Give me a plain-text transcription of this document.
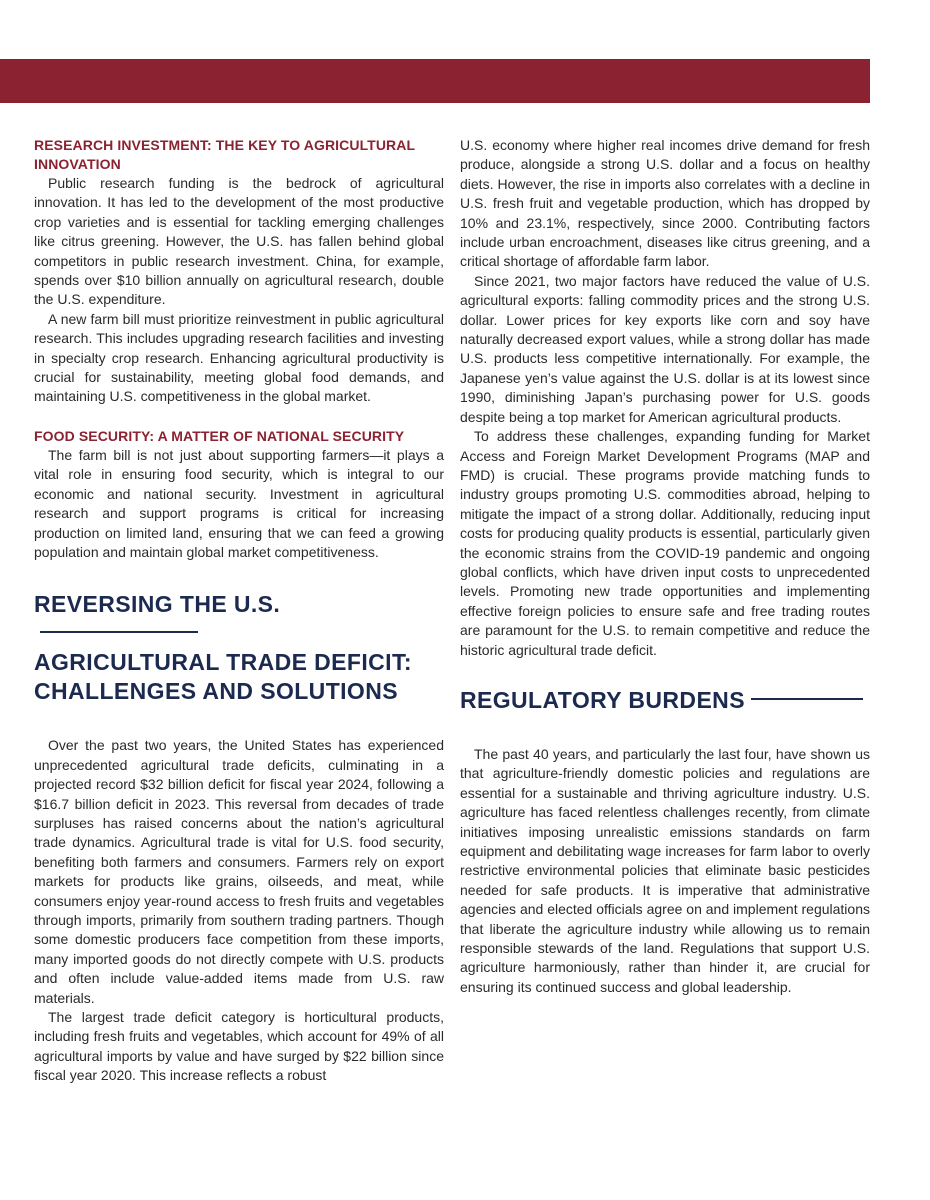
RESEARCH INVESTMENT: THE KEY TO AGRICULTURAL INNOVATION

Public research funding is the bedrock of agricultural innovation. It has led to the development of the most productive crop varieties and is essential for tackling emerging challenges like citrus greening. However, the U.S. has fallen behind global competitors in public research investment. China, for example, spends over $10 billion annually on agricultural research, double the U.S. expenditure.

A new farm bill must prioritize reinvestment in public agricultural research. This includes upgrading research facilities and investing in specialty crop research. Enhancing agricultural productivity is crucial for sustainability, meeting global food demands, and maintaining U.S. competitiveness in the global market.

FOOD SECURITY: A MATTER OF NATIONAL SECURITY

The farm bill is not just about supporting farmers—it plays a vital role in ensuring food security, which is integral to our economic and national security. Investment in agricultural research and support programs is critical for increasing production on limited land, ensuring that we can feed a growing population and maintain global market competitiveness.

REVERSING THE U.S.
AGRICULTURAL TRADE DEFICIT:
CHALLENGES AND SOLUTIONS

Over the past two years, the United States has experienced unprecedented agricultural trade deficits, culminating in a projected record $32 billion deficit for fiscal year 2024, following a $16.7 billion deficit in 2023. This reversal from decades of trade surpluses has raised concerns about the nation’s agricultural trade dynamics. Agricultural trade is vital for U.S. food security, benefiting both farmers and consumers. Farmers rely on export markets for products like grains, oilseeds, and meat, while consumers enjoy year-round access to fresh fruits and vegetables through imports, primarily from southern trading partners. Though some domestic producers face competition from these imports, many imported goods do not directly compete with U.S. products and often include value-added items made from U.S. raw materials.

The largest trade deficit category is horticultural products, including fresh fruits and vegetables, which account for 49% of all agricultural imports by value and have surged by $22 billion since fiscal year 2020. This increase reflects a robust

U.S. economy where higher real incomes drive demand for fresh produce, alongside a strong U.S. dollar and a focus on healthy diets. However, the rise in imports also correlates with a decline in U.S. fresh fruit and vegetable production, which has dropped by 10% and 23.1%, respectively, since 2000. Contributing factors include urban encroachment, diseases like citrus greening, and a critical shortage of affordable farm labor.

Since 2021, two major factors have reduced the value of U.S. agricultural exports: falling commodity prices and the strong U.S. dollar. Lower prices for key exports like corn and soy have naturally decreased export values, while a strong dollar has made U.S. products less competitive internationally. For example, the Japanese yen’s value against the U.S. dollar is at its lowest since 1990, diminishing Japan’s purchasing power for U.S. goods despite being a top market for American agricultural products.

To address these challenges, expanding funding for Market Access and Foreign Market Development Programs (MAP and FMD) is crucial. These programs provide matching funds to industry groups promoting U.S. commodities abroad, helping to mitigate the impact of a strong dollar. Additionally, reducing input costs for producing quality products is essential, particularly given the economic strains from the COVID-19 pandemic and ongoing global conflicts, which have driven input costs to unprecedented levels. Promoting new trade opportunities and implementing effective foreign policies to ensure safe and free trading routes are paramount for the U.S. to remain competitive and reduce the historic agricultural trade deficit.

REGULATORY BURDENS

The past 40 years, and particularly the last four, have shown us that agriculture-friendly domestic policies and regulations are essential for a sustainable and thriving agriculture industry. U.S. agriculture has faced relentless challenges recently, from climate initiatives imposing unrealistic emissions standards on farm equipment and debilitating wage increases for farm labor to overly restrictive environmental policies that eliminate basic pesticides needed for safe products. It is imperative that administrative agencies and elected officials agree on and implement regulations that liberate the agriculture industry while allowing us to remain responsible stewards of the land. Regulations that support U.S. agriculture harmoniously, rather than hinder it, are crucial for ensuring its continued success and global leadership.
